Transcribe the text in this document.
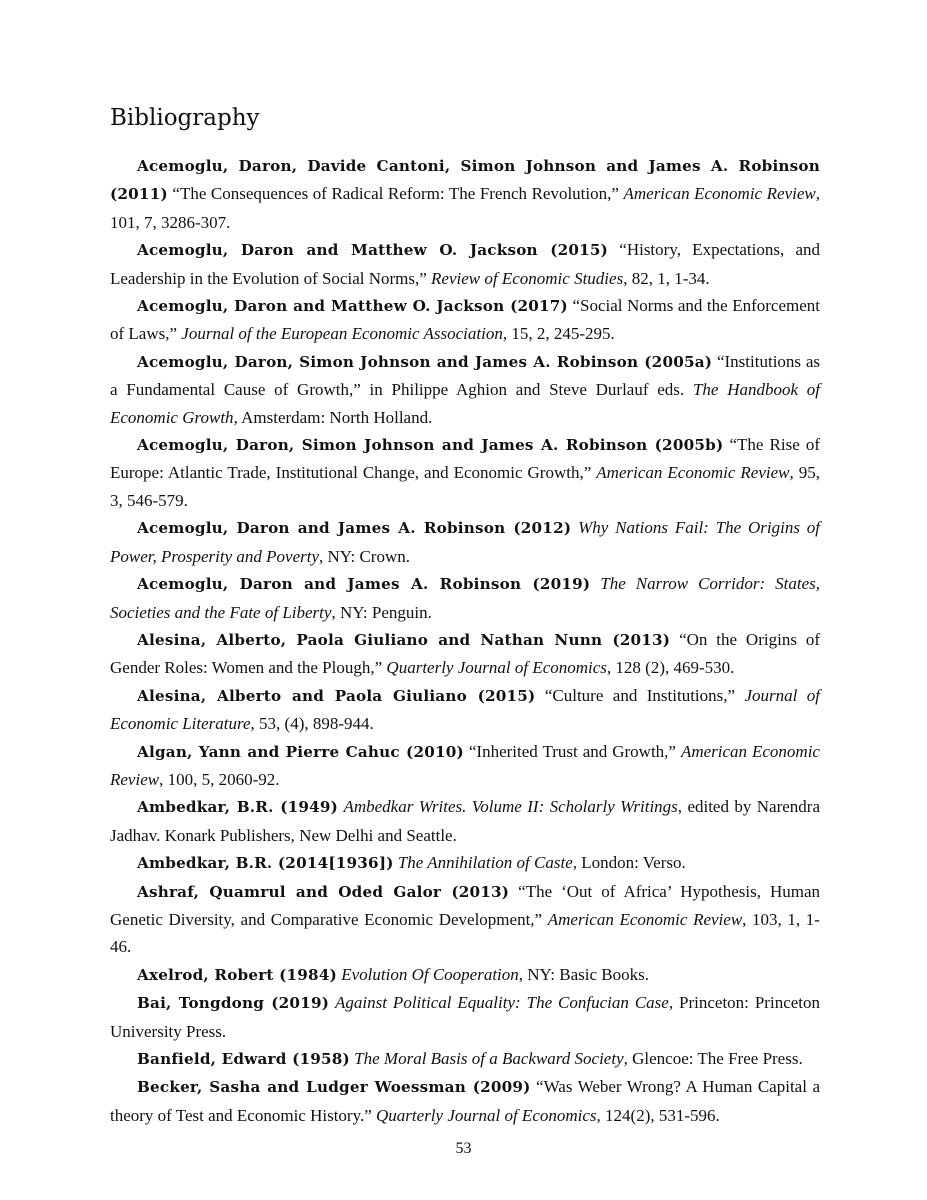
Bibliography

Acemoglu, Daron, Davide Cantoni, Simon Johnson and James A. Robinson (2011) “The Consequences of Radical Reform: The French Revolution,” American Economic Review, 101, 7, 3286-307.

Acemoglu, Daron and Matthew O. Jackson (2015) “History, Expectations, and Leadership in the Evolution of Social Norms,” Review of Economic Studies, 82, 1, 1-34.

Acemoglu, Daron and Matthew O. Jackson (2017) “Social Norms and the Enforcement of Laws,” Journal of the European Economic Association, 15, 2, 245-295.

Acemoglu, Daron, Simon Johnson and James A. Robinson (2005a) “Institutions as a Fundamental Cause of Growth,” in Philippe Aghion and Steve Durlauf eds. The Handbook of Economic Growth, Amsterdam: North Holland.

Acemoglu, Daron, Simon Johnson and James A. Robinson (2005b) “The Rise of Europe: Atlantic Trade, Institutional Change, and Economic Growth,” American Economic Review, 95, 3, 546-579.

Acemoglu, Daron and James A. Robinson (2012) Why Nations Fail: The Origins of Power, Prosperity and Poverty, NY: Crown.

Acemoglu, Daron and James A. Robinson (2019) The Narrow Corridor: States, Societies and the Fate of Liberty, NY: Penguin.

Alesina, Alberto, Paola Giuliano and Nathan Nunn (2013) “On the Origins of Gender Roles: Women and the Plough,” Quarterly Journal of Economics, 128 (2), 469-530.

Alesina, Alberto and Paola Giuliano (2015) “Culture and Institutions,” Journal of Economic Literature, 53, (4), 898-944.

Algan, Yann and Pierre Cahuc (2010) “Inherited Trust and Growth,” American Economic Review, 100, 5, 2060-92.

Ambedkar, B.R. (1949) Ambedkar Writes. Volume II: Scholarly Writings, edited by Narendra Jadhav. Konark Publishers, New Delhi and Seattle.

Ambedkar, B.R. (2014[1936]) The Annihilation of Caste, London: Verso.

Ashraf, Quamrul and Oded Galor (2013) “The ‘Out of Africa’ Hypothesis, Human Genetic Diversity, and Comparative Economic Development,” American Economic Review, 103, 1, 1-46.

Axelrod, Robert (1984) Evolution Of Cooperation, NY: Basic Books.

Bai, Tongdong (2019) Against Political Equality: The Confucian Case, Princeton: Princeton University Press.

Banfield, Edward (1958) The Moral Basis of a Backward Society, Glencoe: The Free Press.

Becker, Sasha and Ludger Woessman (2009) “Was Weber Wrong? A Human Capital a theory of Test and Economic History.” Quarterly Journal of Economics, 124(2), 531-596.

53
